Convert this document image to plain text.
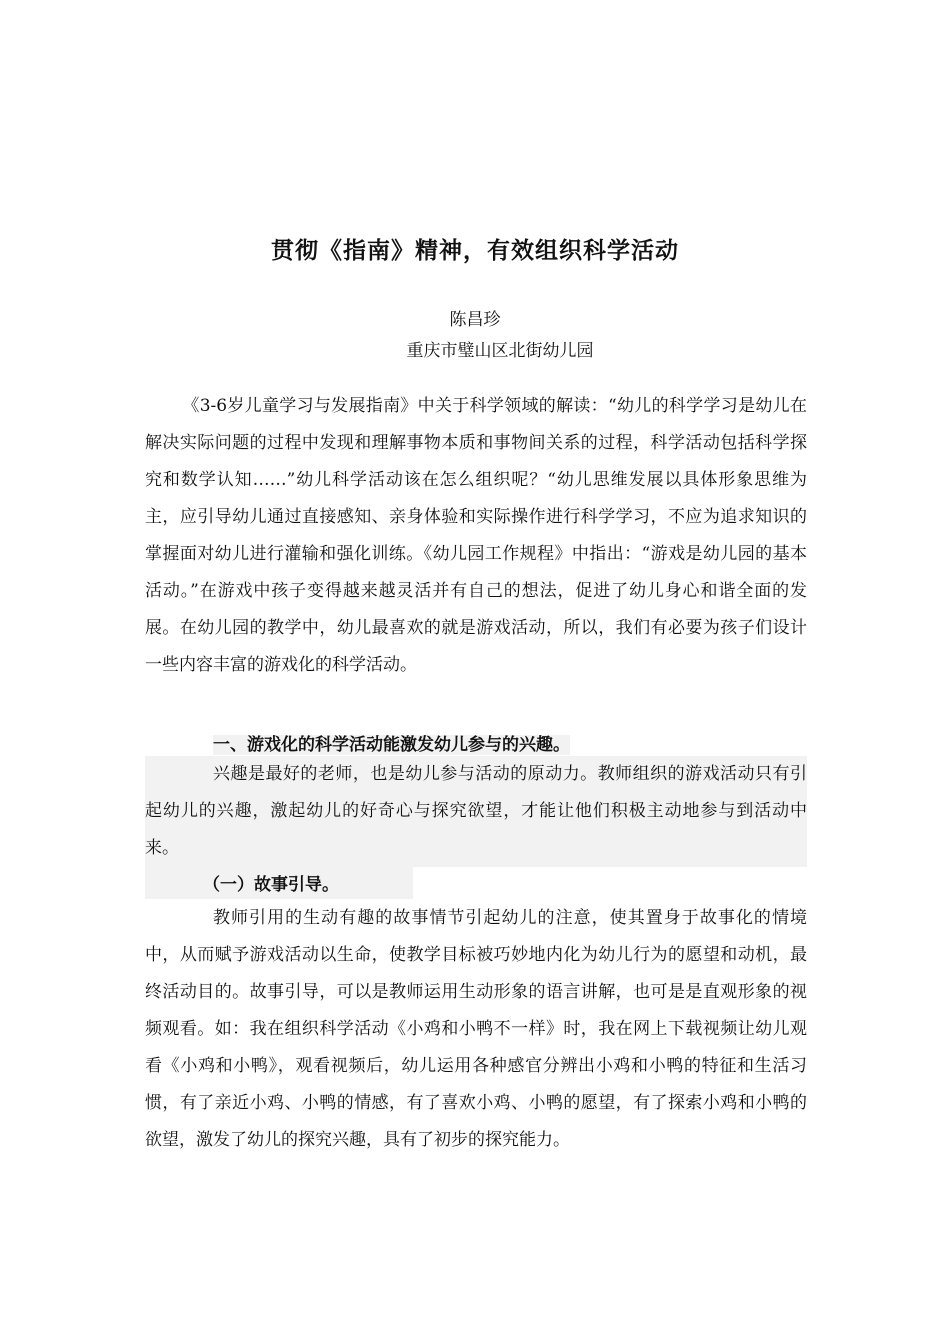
贯彻《指南》精神，有效组织科学活动

陈昌珍

重庆市璧山区北街幼儿园

《3-6岁儿童学习与发展指南》中关于科学领域的解读：“幼儿的科学学习是幼儿在解决实际问题的过程中发现和理解事物本质和事物间关系的过程，科学活动包括科学探究和数学认知……”幼儿科学活动该在怎么组织呢？“幼儿思维发展以具体形象思维为主，应引导幼儿通过直接感知、亲身体验和实际操作进行科学学习，不应为追求知识的掌握面对幼儿进行灌输和强化训练。《幼儿园工作规程》中指出：“游戏是幼儿园的基本活动。”在游戏中孩子变得越来越灵活并有自己的想法，促进了幼儿身心和谐全面的发展。在幼儿园的教学中，幼儿最喜欢的就是游戏活动，所以，我们有必要为孩子们设计一些内容丰富的游戏化的科学活动。

一、游戏化的科学活动能激发幼儿参与的兴趣。

兴趣是最好的老师，也是幼儿参与活动的原动力。教师组织的游戏活动只有引起幼儿的兴趣，激起幼儿的好奇心与探究欲望，才能让他们积极主动地参与到活动中来。

（一）故事引导。

教师引用的生动有趣的故事情节引起幼儿的注意，使其置身于故事化的情境中，从而赋予游戏活动以生命，使教学目标被巧妙地内化为幼儿行为的愿望和动机，最终活动目的。故事引导，可以是教师运用生动形象的语言讲解，也可是是直观形象的视频观看。如：我在组织科学活动《小鸡和小鸭不一样》时，我在网上下载视频让幼儿观看《小鸡和小鸭》，观看视频后，幼儿运用各种感官分辨出小鸡和小鸭的特征和生活习惯，有了亲近小鸡、小鸭的情感，有了喜欢小鸡、小鸭的愿望，有了探索小鸡和小鸭的欲望，激发了幼儿的探究兴趣，具有了初步的探究能力。
